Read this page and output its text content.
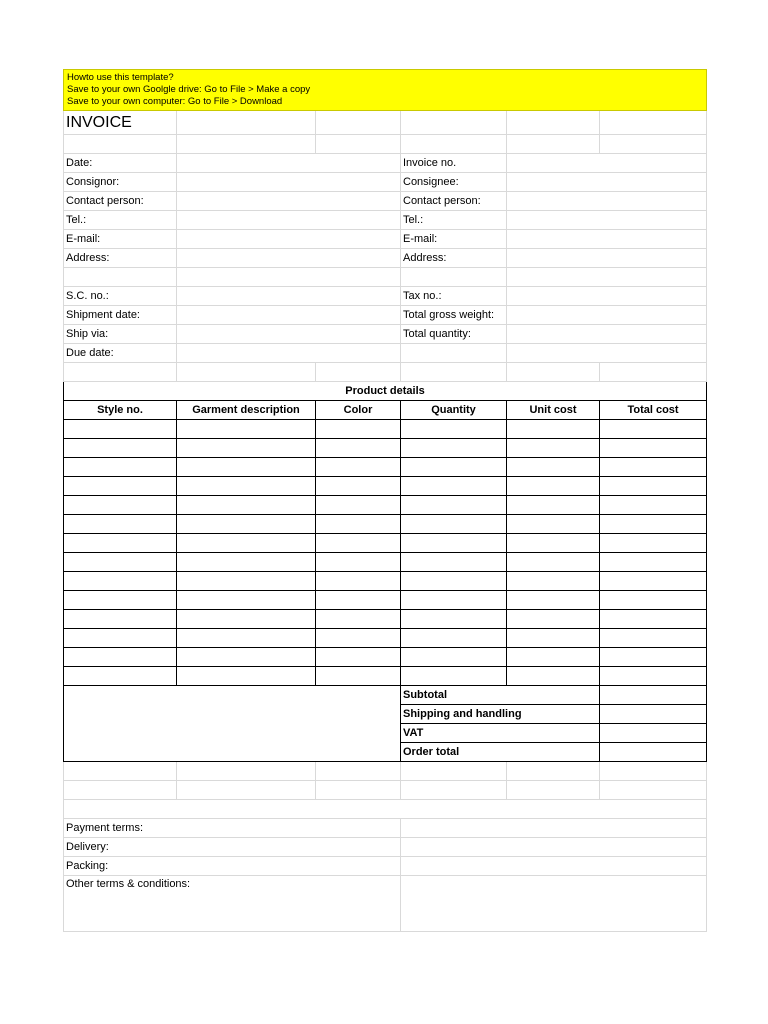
Howto use this template?
Save to your own Goolgle drive: Go to File > Make a copy
Save to your own computer: Go to File > Download					

INVOICE					

Date:			Invoice no.		
Consignor:			Consignee:		
Contact person:			Contact person:		
Tel.:			Tel.:		
E-mail:			E-mail:		
Address:			Address:		

S.C. no.:			Tax no.:		
Shipment date:			Total gross weight:		
Ship via:			Total quantity:		
Due date:					

Product details					
Style no.	Garment description	Color	Quantity	Unit cost	Total cost

			Subtotal		
			Shipping and handling		
			VAT		
			Order total		

Payment terms:					
Delivery:					
Packing:					
Other terms & conditions:					
